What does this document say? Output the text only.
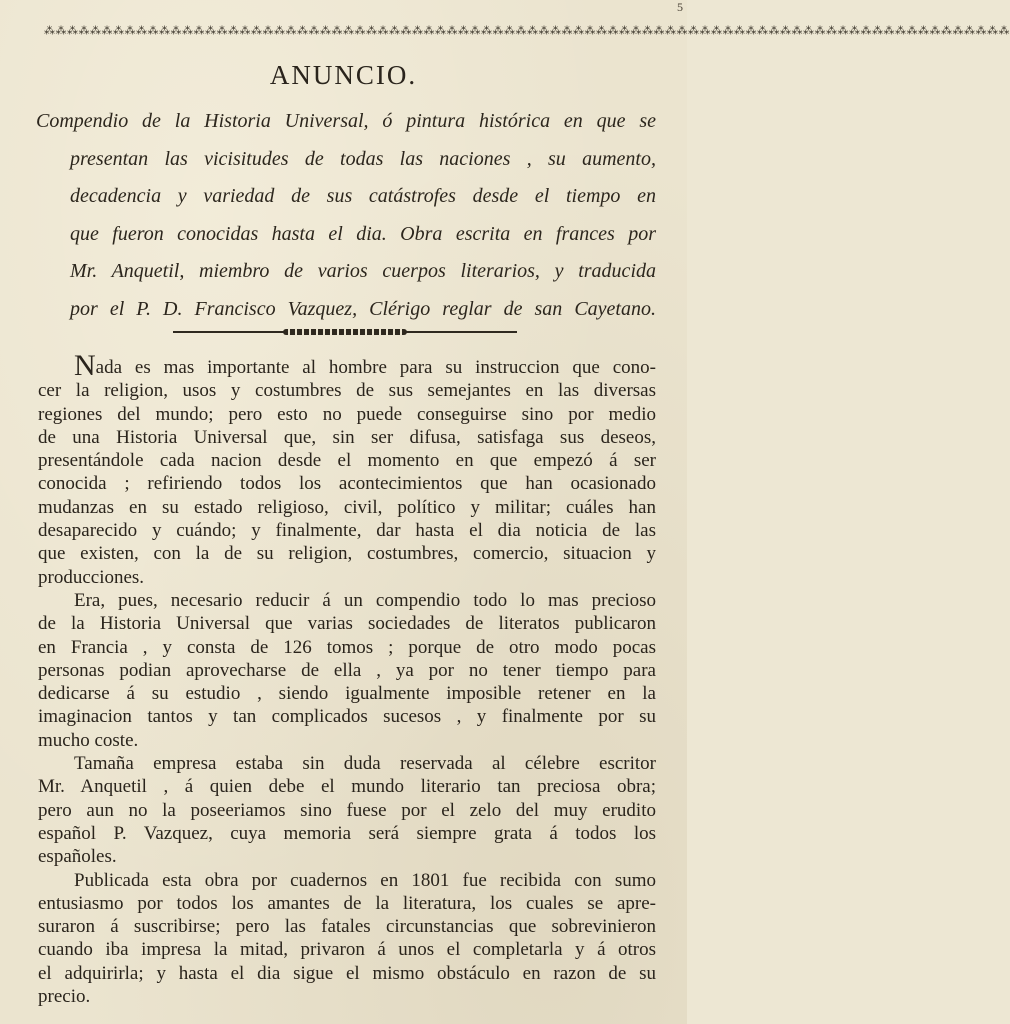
5
⁂⁂⁂⁂⁂⁂⁂⁂⁂⁂⁂⁂⁂⁂⁂⁂⁂⁂⁂⁂⁂⁂⁂⁂⁂⁂⁂⁂⁂⁂⁂⁂⁂⁂⁂⁂⁂⁂⁂⁂⁂⁂⁂⁂⁂⁂⁂⁂⁂⁂⁂⁂⁂⁂⁂⁂⁂⁂⁂⁂⁂⁂⁂⁂⁂⁂⁂⁂⁂⁂⁂⁂⁂⁂⁂⁂⁂⁂⁂⁂⁂⁂⁂⁂
ANUNCIO.
Compendio de la Historia Universal, ó pintura histórica en que se
presentan las vicisitudes de todas las naciones , su aumento,
decadencia y variedad de sus catástrofes desde el tiempo en
que fueron conocidas hasta el dia. Obra escrita en frances por
Mr. Anquetil, miembro de varios cuerpos literarios, y traducida
por el P. D. Francisco Vazquez, Clérigo reglar de san Cayetano.

Nada es mas importante al hombre para su instruccion que cono-
cer la religion, usos y costumbres de sus semejantes en las diversas
regiones del mundo; pero esto no puede conseguirse sino por medio
de una Historia Universal que, sin ser difusa, satisfaga sus deseos,
presentándole cada nacion desde el momento en que empezó á ser
conocida ; refiriendo todos los acontecimientos que han ocasionado
mudanzas en su estado religioso, civil, político y militar; cuáles han
desaparecido y cuándo; y finalmente, dar hasta el dia noticia de las
que existen, con la de su religion, costumbres, comercio, situacion y
producciones.

Era, pues, necesario reducir á un compendio todo lo mas precioso
de la Historia Universal que varias sociedades de literatos publicaron
en Francia , y consta de 126 tomos ; porque de otro modo pocas
personas podian aprovecharse de ella , ya por no tener tiempo para
dedicarse á su estudio , siendo igualmente imposible retener en la
imaginacion tantos y tan complicados sucesos , y finalmente por su
mucho coste.

Tamaña empresa estaba sin duda reservada al célebre escritor
Mr. Anquetil , á quien debe el mundo literario tan preciosa obra;
pero aun no la poseeriamos sino fuese por el zelo del muy erudito
español P. Vazquez, cuya memoria será siempre grata á todos los
españoles.

Publicada esta obra por cuadernos en 1801 fue recibida con sumo
entusiasmo por todos los amantes de la literatura, los cuales se apre-
suraron á suscribirse; pero las fatales circunstancias que sobrevinieron
cuando iba impresa la mitad, privaron á unos el completarla y á otros
el adquirirla; y hasta el dia sigue el mismo obstáculo en razon de su
precio.
